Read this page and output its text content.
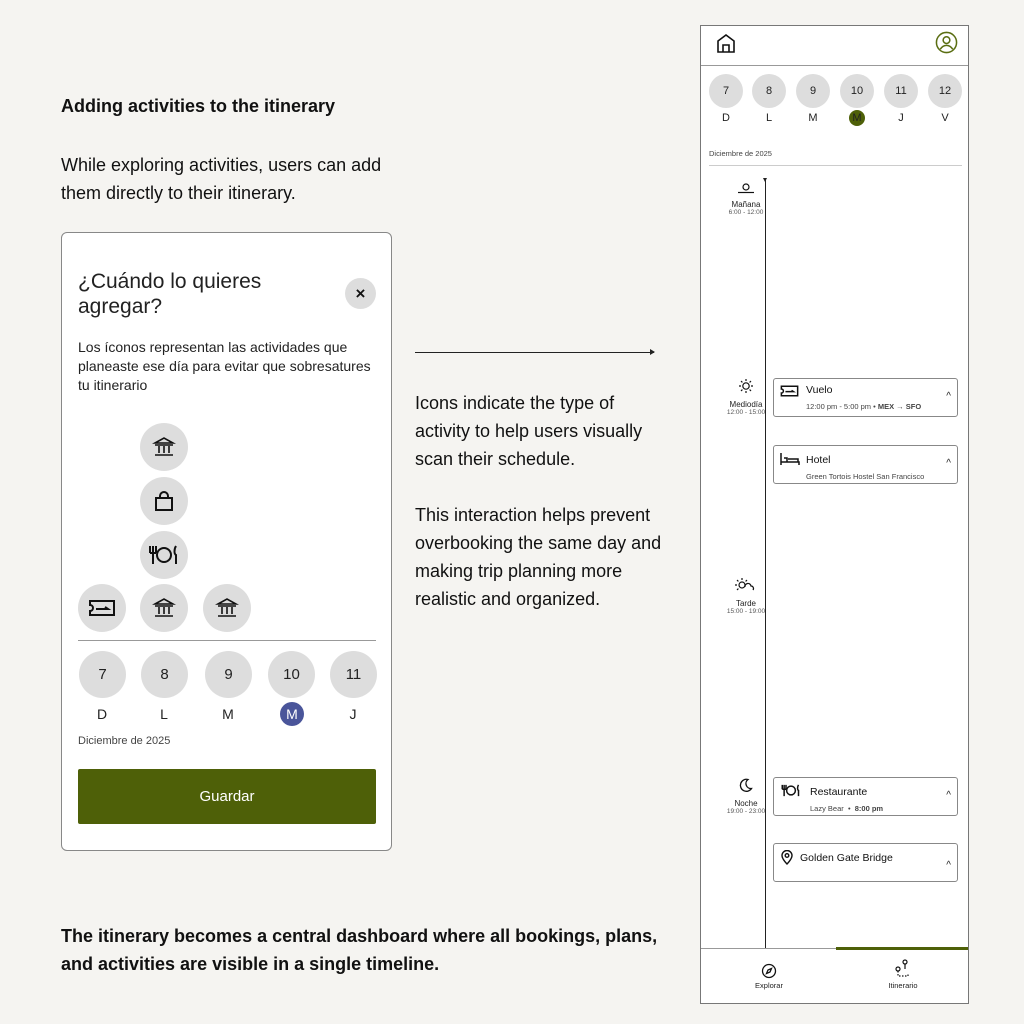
Adding activities to the itinerary
While exploring activities, users can add them directly to their itinerary.
¿Cuándo lo quieres agregar?
×
Los íconos representan las actividades que planeaste ese día para evitar que sobresatures tu itinerario
7	8	9	10	11
D	L	M	M	J
Diciembre de 2025
Guardar

Icons indicate the type of activity to help users visually scan their schedule.

This interaction helps prevent overbooking the same day and making trip planning more realistic and organized.

The itinerary becomes a central dashboard where all bookings, plans, and activities are visible in a single timeline.
7	8	9	10	11	12
D	L	M	M	J	V
Diciembre de 2025
Mañana
6:00 - 12:00
Mediodía
12:00 - 15:00
Tarde
15:00 - 19:00
Noche
19:00 - 23:00
Vuelo
12:00 pm - 5:00 pm • MEX → SFO
^
Hotel
Green Tortois Hostel San Francisco
^
Restaurante
Lazy Bear  •  8:00 pm
^
Golden Gate Bridge
^
Explorar	Itinerario
